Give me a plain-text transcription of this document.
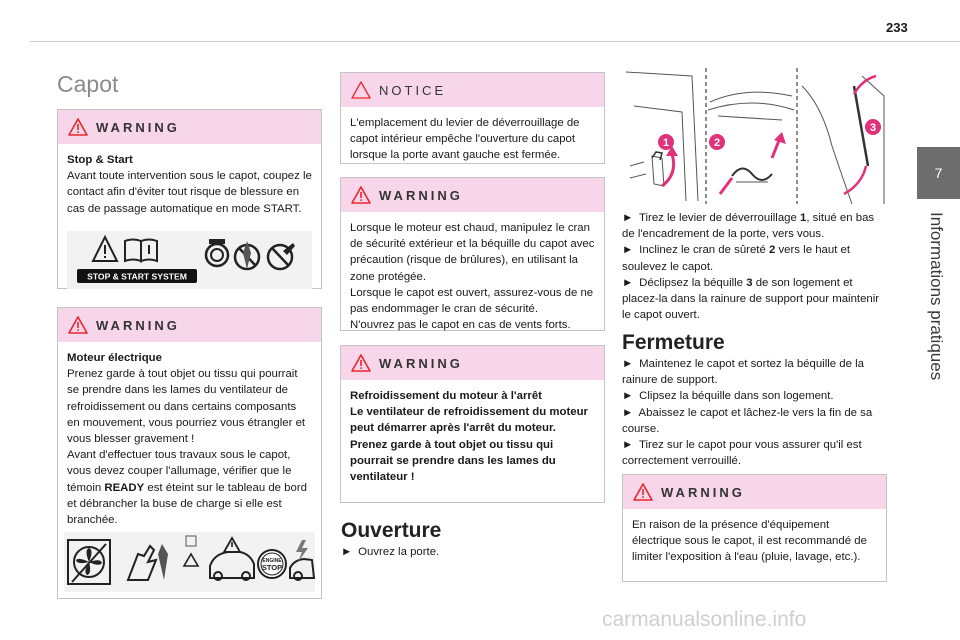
233
7
Informations pratiques
Capot
WARNING

Stop & Start

Avant toute intervention sous le capot, coupez le contact afin d'éviter tout risque de blessure en cas de passage automatique en mode START.

STOP & START SYSTEM
WARNING

Moteur électrique

Prenez garde à tout objet ou tissu qui pourrait se prendre dans les lames du ventilateur de refroidissement ou dans certains composants en mouvement, vous pourriez vous étrangler et vous blesser gravement !

Avant d'effectuer tous travaux sous le capot, vous devez couper l'allumage, vérifier que le témoin READY est éteint sur le tableau de bord et débrancher la buse de charge si elle est branchée.

ENGINE
STOP
NOTICE

L'emplacement du levier de déverrouillage de capot intérieur empêche l'ouverture du capot lorsque la porte avant gauche est fermée.

WARNING

Lorsque le moteur est chaud, manipulez le cran de sécurité extérieur et la béquille du capot avec précaution (risque de brûlures), en utilisant la zone protégée.

Lorsque le capot est ouvert, assurez-vous de ne pas endommager le cran de sécurité.

N'ouvrez pas le capot en cas de vents forts.

WARNING

Refroidissement du moteur à l'arrêt

Le ventilateur de refroidissement du moteur peut démarrer après l'arrêt du moteur.

Prenez garde à tout objet ou tissu qui pourrait se prendre dans les lames du ventilateur !

Ouverture
► Ouvrez la porte.
1	2
3

► Tirez le levier de déverrouillage 1, situé en bas de l'encadrement de la porte, vers vous.

► Inclinez le cran de sûreté 2 vers le haut et soulevez le capot.

► Déclipsez la béquille 3 de son logement et placez-la dans la rainure de support pour maintenir le capot ouvert.

Fermeture

► Maintenez le capot et sortez la béquille de la rainure de support.

► Clipsez la béquille dans son logement.

► Abaissez le capot et lâchez-le vers la fin de sa course.

► Tirez sur le capot pour vous assurer qu'il est correctement verrouillé.

WARNING

En raison de la présence d'équipement électrique sous le capot, il est recommandé de limiter l'exposition à l'eau (pluie, lavage, etc.).

carmanualsonline.info
